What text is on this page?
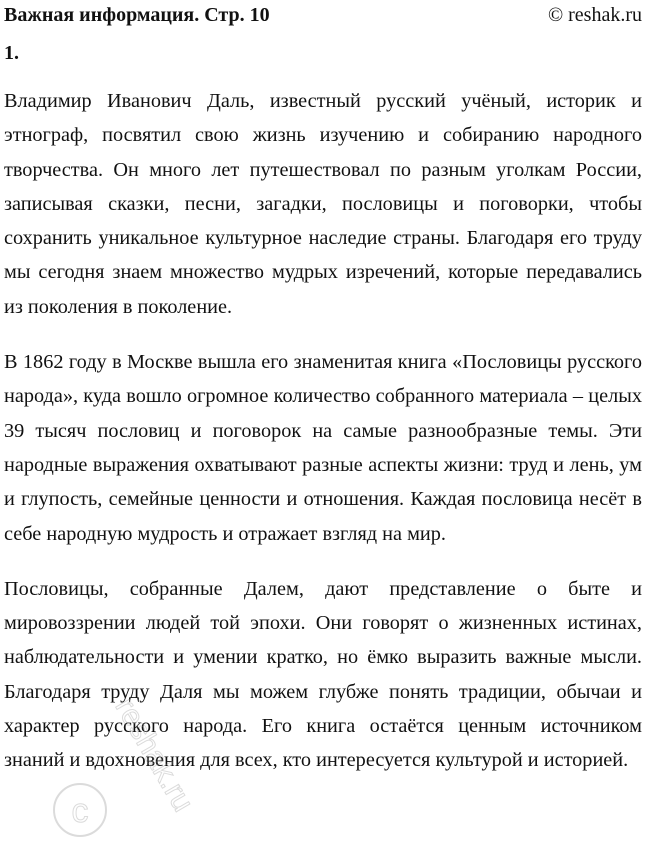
Важная информация. Стр. 10	© reshak.ru
1.

Владимир Иванович Даль, известный русский учёный, историк и этнограф, посвятил свою жизнь изучению и собиранию народного творчества. Он много лет путешествовал по разным уголкам России, записывая сказки, песни, загадки, пословицы и поговорки, чтобы сохранить уникальное культурное наследие страны. Благодаря его труду мы сегодня знаем множество мудрых изречений, которые передавались из поколения в поколение.

В 1862 году в Москве вышла его знаменитая книга «Пословицы русского народа», куда вошло огромное количество собранного материала – целых 39 тысяч пословиц и поговорок на самые разнообразные темы. Эти народные выражения охватывают разные аспекты жизни: труд и лень, ум и глупость, семейные ценности и отношения. Каждая пословица несёт в себе народную мудрость и отражает взгляд на мир.

Пословицы, собранные Далем, дают представление о быте и мировоззрении людей той эпохи. Они говорят о жизненных истинах, наблюдательности и умении кратко, но ёмко выразить важные мысли. Благодаря труду Даля мы можем глубже понять традиции, обычаи и характер русского народа. Его книга остаётся ценным источником знаний и вдохновения для всех, кто интересуется культурой и историей.

c reshak.ru
